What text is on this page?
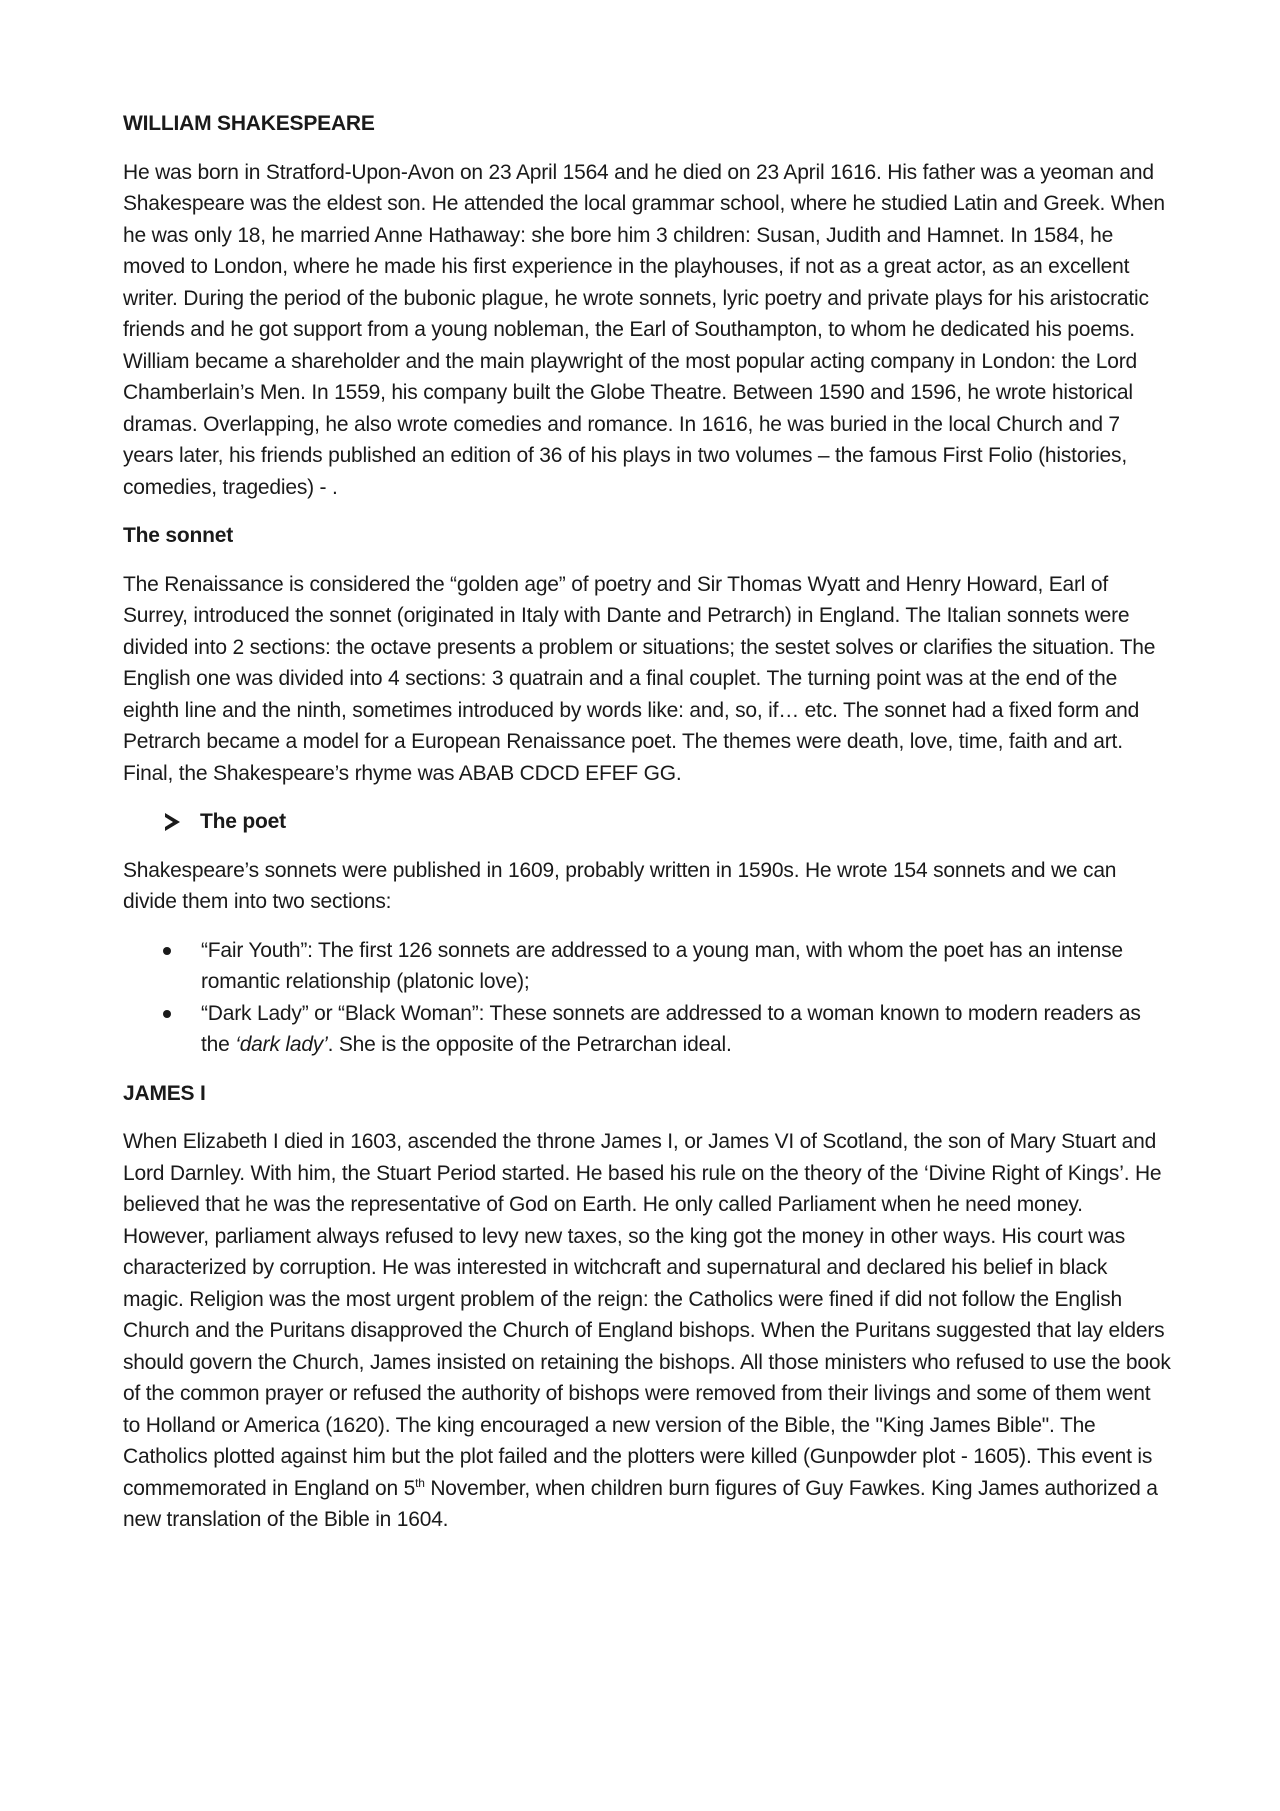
WILLIAM SHAKESPEARE

He was born in Stratford-Upon-Avon on 23 April 1564 and he died on 23 April 1616. His father was a yeoman and Shakespeare was the eldest son. He attended the local grammar school, where he studied Latin and Greek. When he was only 18, he married Anne Hathaway: she bore him 3 children: Susan, Judith and Hamnet. In 1584, he moved to London, where he made his first experience in the playhouses, if not as a great actor, as an excellent writer. During the period of the bubonic plague, he wrote sonnets, lyric poetry and private plays for his aristocratic friends and he got support from a young nobleman, the Earl of Southampton, to whom he dedicated his poems. William became a shareholder and the main playwright of the most popular acting company in London: the Lord Chamberlain’s Men. In 1559, his company built the Globe Theatre. Between 1590 and 1596, he wrote historical dramas. Overlapping, he also wrote comedies and romance. In 1616, he was buried in the local Church and 7 years later, his friends published an edition of 36 of his plays in two volumes – the famous First Folio (histories, comedies, tragedies) - .

The sonnet

The Renaissance is considered the “golden age” of poetry and Sir Thomas Wyatt and Henry Howard, Earl of Surrey, introduced the sonnet (originated in Italy with Dante and Petrarch) in England. The Italian sonnets were divided into 2 sections: the octave presents a problem or situations; the sestet solves or clarifies the situation. The English one was divided into 4 sections: 3 quatrain and a final couplet. The turning point was at the end of the eighth line and the ninth, sometimes introduced by words like: and, so, if… etc. The sonnet had a fixed form and Petrarch became a model for a European Renaissance poet. The themes were death, love, time, faith and art. Final, the Shakespeare’s rhyme was ABAB CDCD EFEF GG.

The poet

Shakespeare’s sonnets were published in 1609, probably written in 1590s. He wrote 154 sonnets and we can divide them into two sections:

“Fair Youth”: The first 126 sonnets are addressed to a young man, with whom the poet has an intense romantic relationship (platonic love);
“Dark Lady” or “Black Woman”: These sonnets are addressed to a woman known to modern readers as the ‘dark lady’. She is the opposite of the Petrarchan ideal.
JAMES I

When Elizabeth I died in 1603, ascended the throne James I, or James VI of Scotland, the son of Mary Stuart and Lord Darnley. With him, the Stuart Period started. He based his rule on the theory of the ‘Divine Right of Kings’. He believed that he was the representative of God on Earth. He only called Parliament when he need money. However, parliament always refused to levy new taxes, so the king got the money in other ways. His court was characterized by corruption. He was interested in witchcraft and supernatural and declared his belief in black magic. Religion was the most urgent problem of the reign: the Catholics were fined if did not follow the English Church and the Puritans disapproved the Church of England bishops. When the Puritans suggested that lay elders should govern the Church, James insisted on retaining the bishops. All those ministers who refused to use the book of the common prayer or refused the authority of bishops were removed from their livings and some of them went to Holland or America (1620). The king encouraged a new version of the Bible, the "King James Bible". The Catholics plotted against him but the plot failed and the plotters were killed (Gunpowder plot - 1605). This event is commemorated in England on 5th November, when children burn figures of Guy Fawkes. King James authorized a new translation of the Bible in 1604.
